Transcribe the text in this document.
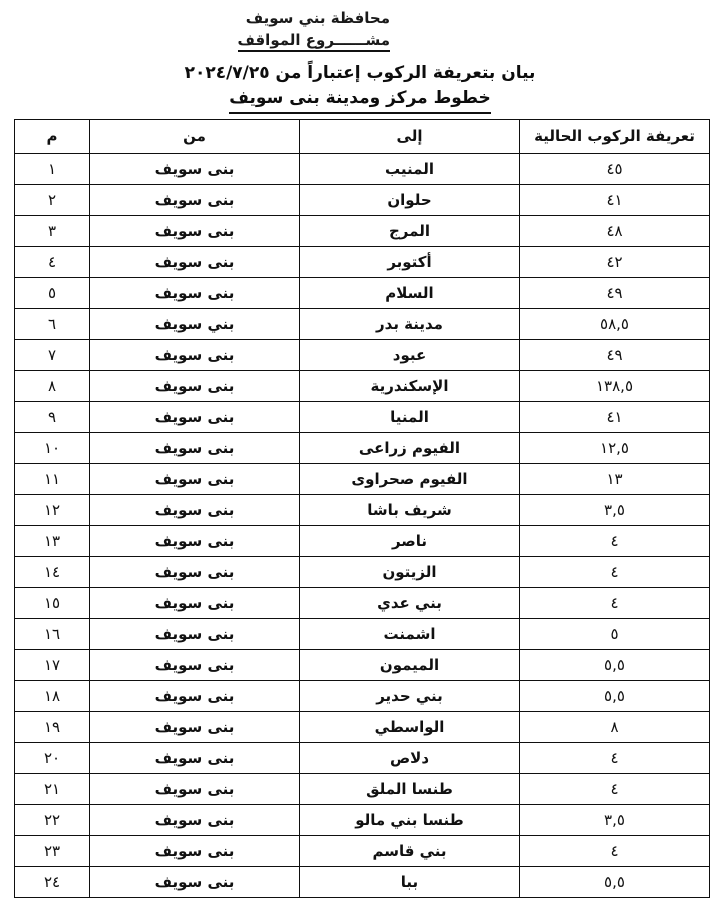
محافظة بني سويف
مشــــــروع المواقف
بيان بتعريفة الركوب إعتباراً من ٢٠٢٤/٧/٢٥
خطوط مركز ومدينة بنى سويف
تعريفة الركوب الحالية	إلى	من	م
٤٥	المنيب	بنى سويف	١
٤١	حلوان	بنى سويف	٢
٤٨	المرج	بنى سويف	٣
٤٢	أكتوبر	بنى سويف	٤
٤٩	السلام	بنى سويف	٥
٥٨,٥	مدينة بدر	بني سويف	٦
٤٩	عبود	بنى سويف	٧
١٣٨,٥	الإسكندرية	بنى سويف	٨
٤١	المنيا	بنى سويف	٩
١٢,٥	الفيوم زراعى	بنى سويف	١٠
١٣	الفيوم صحراوى	بنى سويف	١١
٣,٥	شريف باشا	بنى سويف	١٢
٤	ناصر	بنى سويف	١٣
٤	الزيتون	بنى سويف	١٤
٤	بني عدي	بنى سويف	١٥
٥	اشمنت	بنى سويف	١٦
٥,٥	الميمون	بنى سويف	١٧
٥,٥	بني حدير	بنى سويف	١٨
٨	الواسطي	بنى سويف	١٩
٤	دلاص	بنى سويف	٢٠
٤	طنسا الملق	بنى سويف	٢١
٣,٥	طنسا بني مالو	بنى سويف	٢٢
٤	بني قاسم	بنى سويف	٢٣
٥,٥	ببا	بنى سويف	٢٤
